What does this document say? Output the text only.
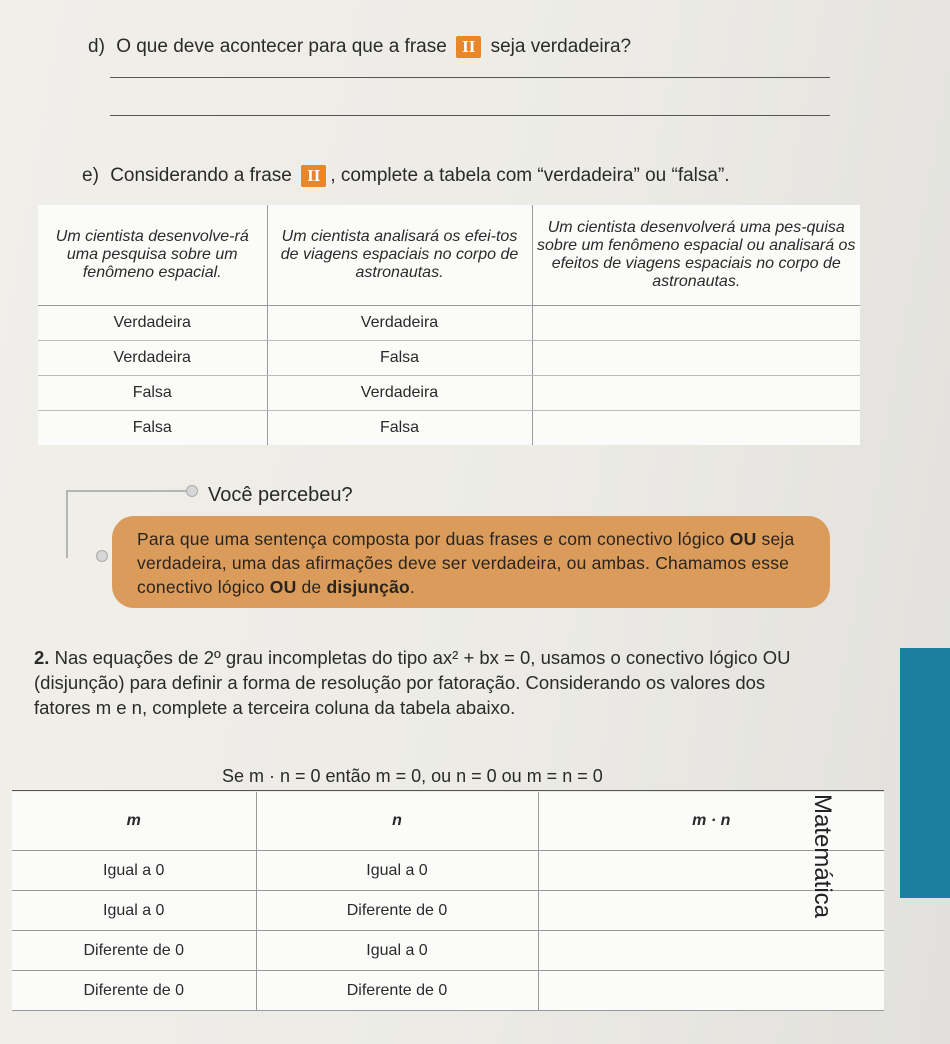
d) O que deve acontecer para que a frase II seja verdadeira?
e) Considerando a frase II , complete a tabela com “verdadeira” ou “falsa”.
Um cientista desenvolve-rá uma pesquisa sobre um fenômeno espacial.	Um cientista analisará os efei-tos de viagens espaciais no corpo de astronautas.	Um cientista desenvolverá uma pes-quisa sobre um fenômeno espacial ou analisará os efeitos de viagens espaciais no corpo de astronautas.
Verdadeira	Verdadeira	
Verdadeira	Falsa	
Falsa	Verdadeira	
Falsa	Falsa	
Você percebeu?
Para que uma sentença composta por duas frases e com conectivo lógico OU seja verdadeira, uma das afirmações deve ser verdadeira, ou ambas. Chamamos esse conectivo lógico OU de disjunção.
2. Nas equações de 2º grau incompletas do tipo ax² + bx = 0, usamos o conectivo lógico OU
(disjunção) para definir a forma de resolução por fatoração. Considerando os valores dos
fatores m e n, complete a terceira coluna da tabela abaixo.
Se m · n = 0 então m = 0, ou n = 0 ou m = n = 0
m	n	m · n
Igual a 0	Igual a 0	
Igual a 0	Diferente de 0	
Diferente de 0	Igual a 0	
Diferente de 0	Diferente de 0	
Matemática
